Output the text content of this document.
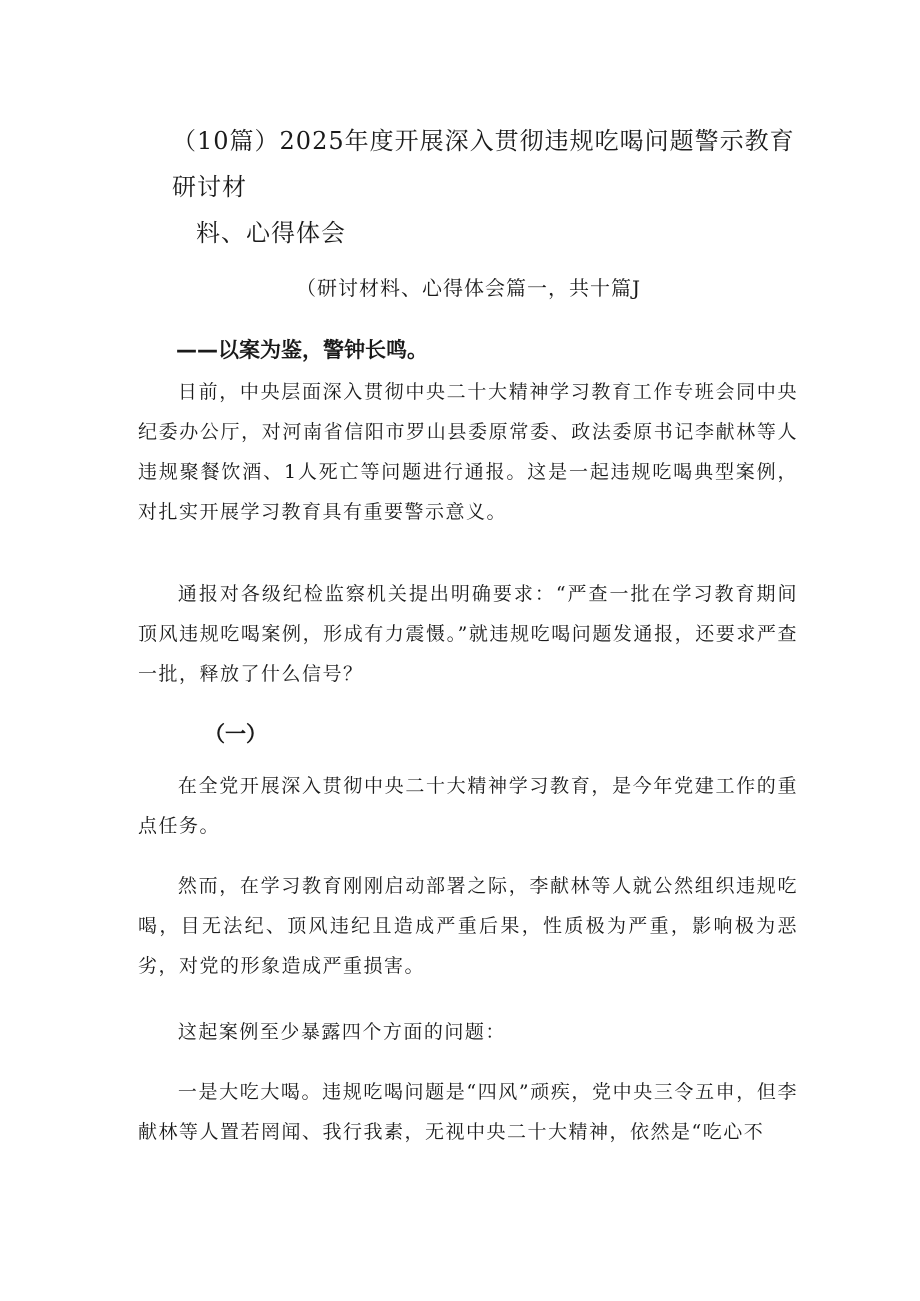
（10篇）2025年度开展深入贯彻违规吃喝问题警示教育研讨材
料、心得体会

（研讨材料、心得体会篇一，共十篇J

——以案为鉴，警钟长鸣。

日前，中央层面深入贯彻中央二十大精神学习教育工作专班会同中央纪委办公厅，对河南省信阳市罗山县委原常委、政法委原书记李献林等人违规聚餐饮酒、1人死亡等问题进行通报。这是一起违规吃喝典型案例，对扎实开展学习教育具有重要警示意义。

通报对各级纪检监察机关提出明确要求：“严查一批在学习教育期间顶风违规吃喝案例，形成有力震慑。”就违规吃喝问题发通报，还要求严查一批，释放了什么信号？

（一）

在全党开展深入贯彻中央二十大精神学习教育，是今年党建工作的重点任务。

然而，在学习教育刚刚启动部署之际，李献林等人就公然组织违规吃喝，目无法纪、顶风违纪且造成严重后果，性质极为严重，影响极为恶劣，对党的形象造成严重损害。

这起案例至少暴露四个方面的问题：

一是大吃大喝。违规吃喝问题是“四风”顽疾，党中央三令五申，但李献林等人置若罔闻、我行我素，无视中央二十大精神，依然是“吃心不
